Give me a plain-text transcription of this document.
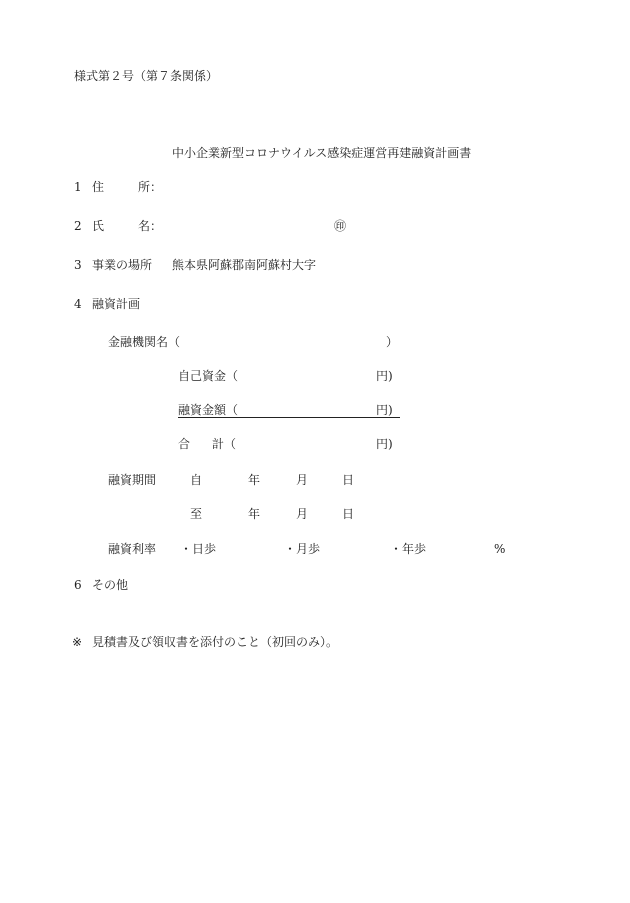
様式第２号（第７条関係）
中小企業新型コロナウイルス感染症運営再建融資計画書
1 住	所：
2 氏	名：	㊞
3 事業の場所 熊本県阿蘇郡南阿蘇村大字
4 融資計画
金融機関名（	）
自己資金（	円)
融資金額（	円)
合 計（	円)
融資期間	自	年	月	日
至	年	月	日
融資利率 ・日歩	・月歩	・年歩	%
6 その他
※ 見積書及び領収書を添付のこと（初回のみ）。
